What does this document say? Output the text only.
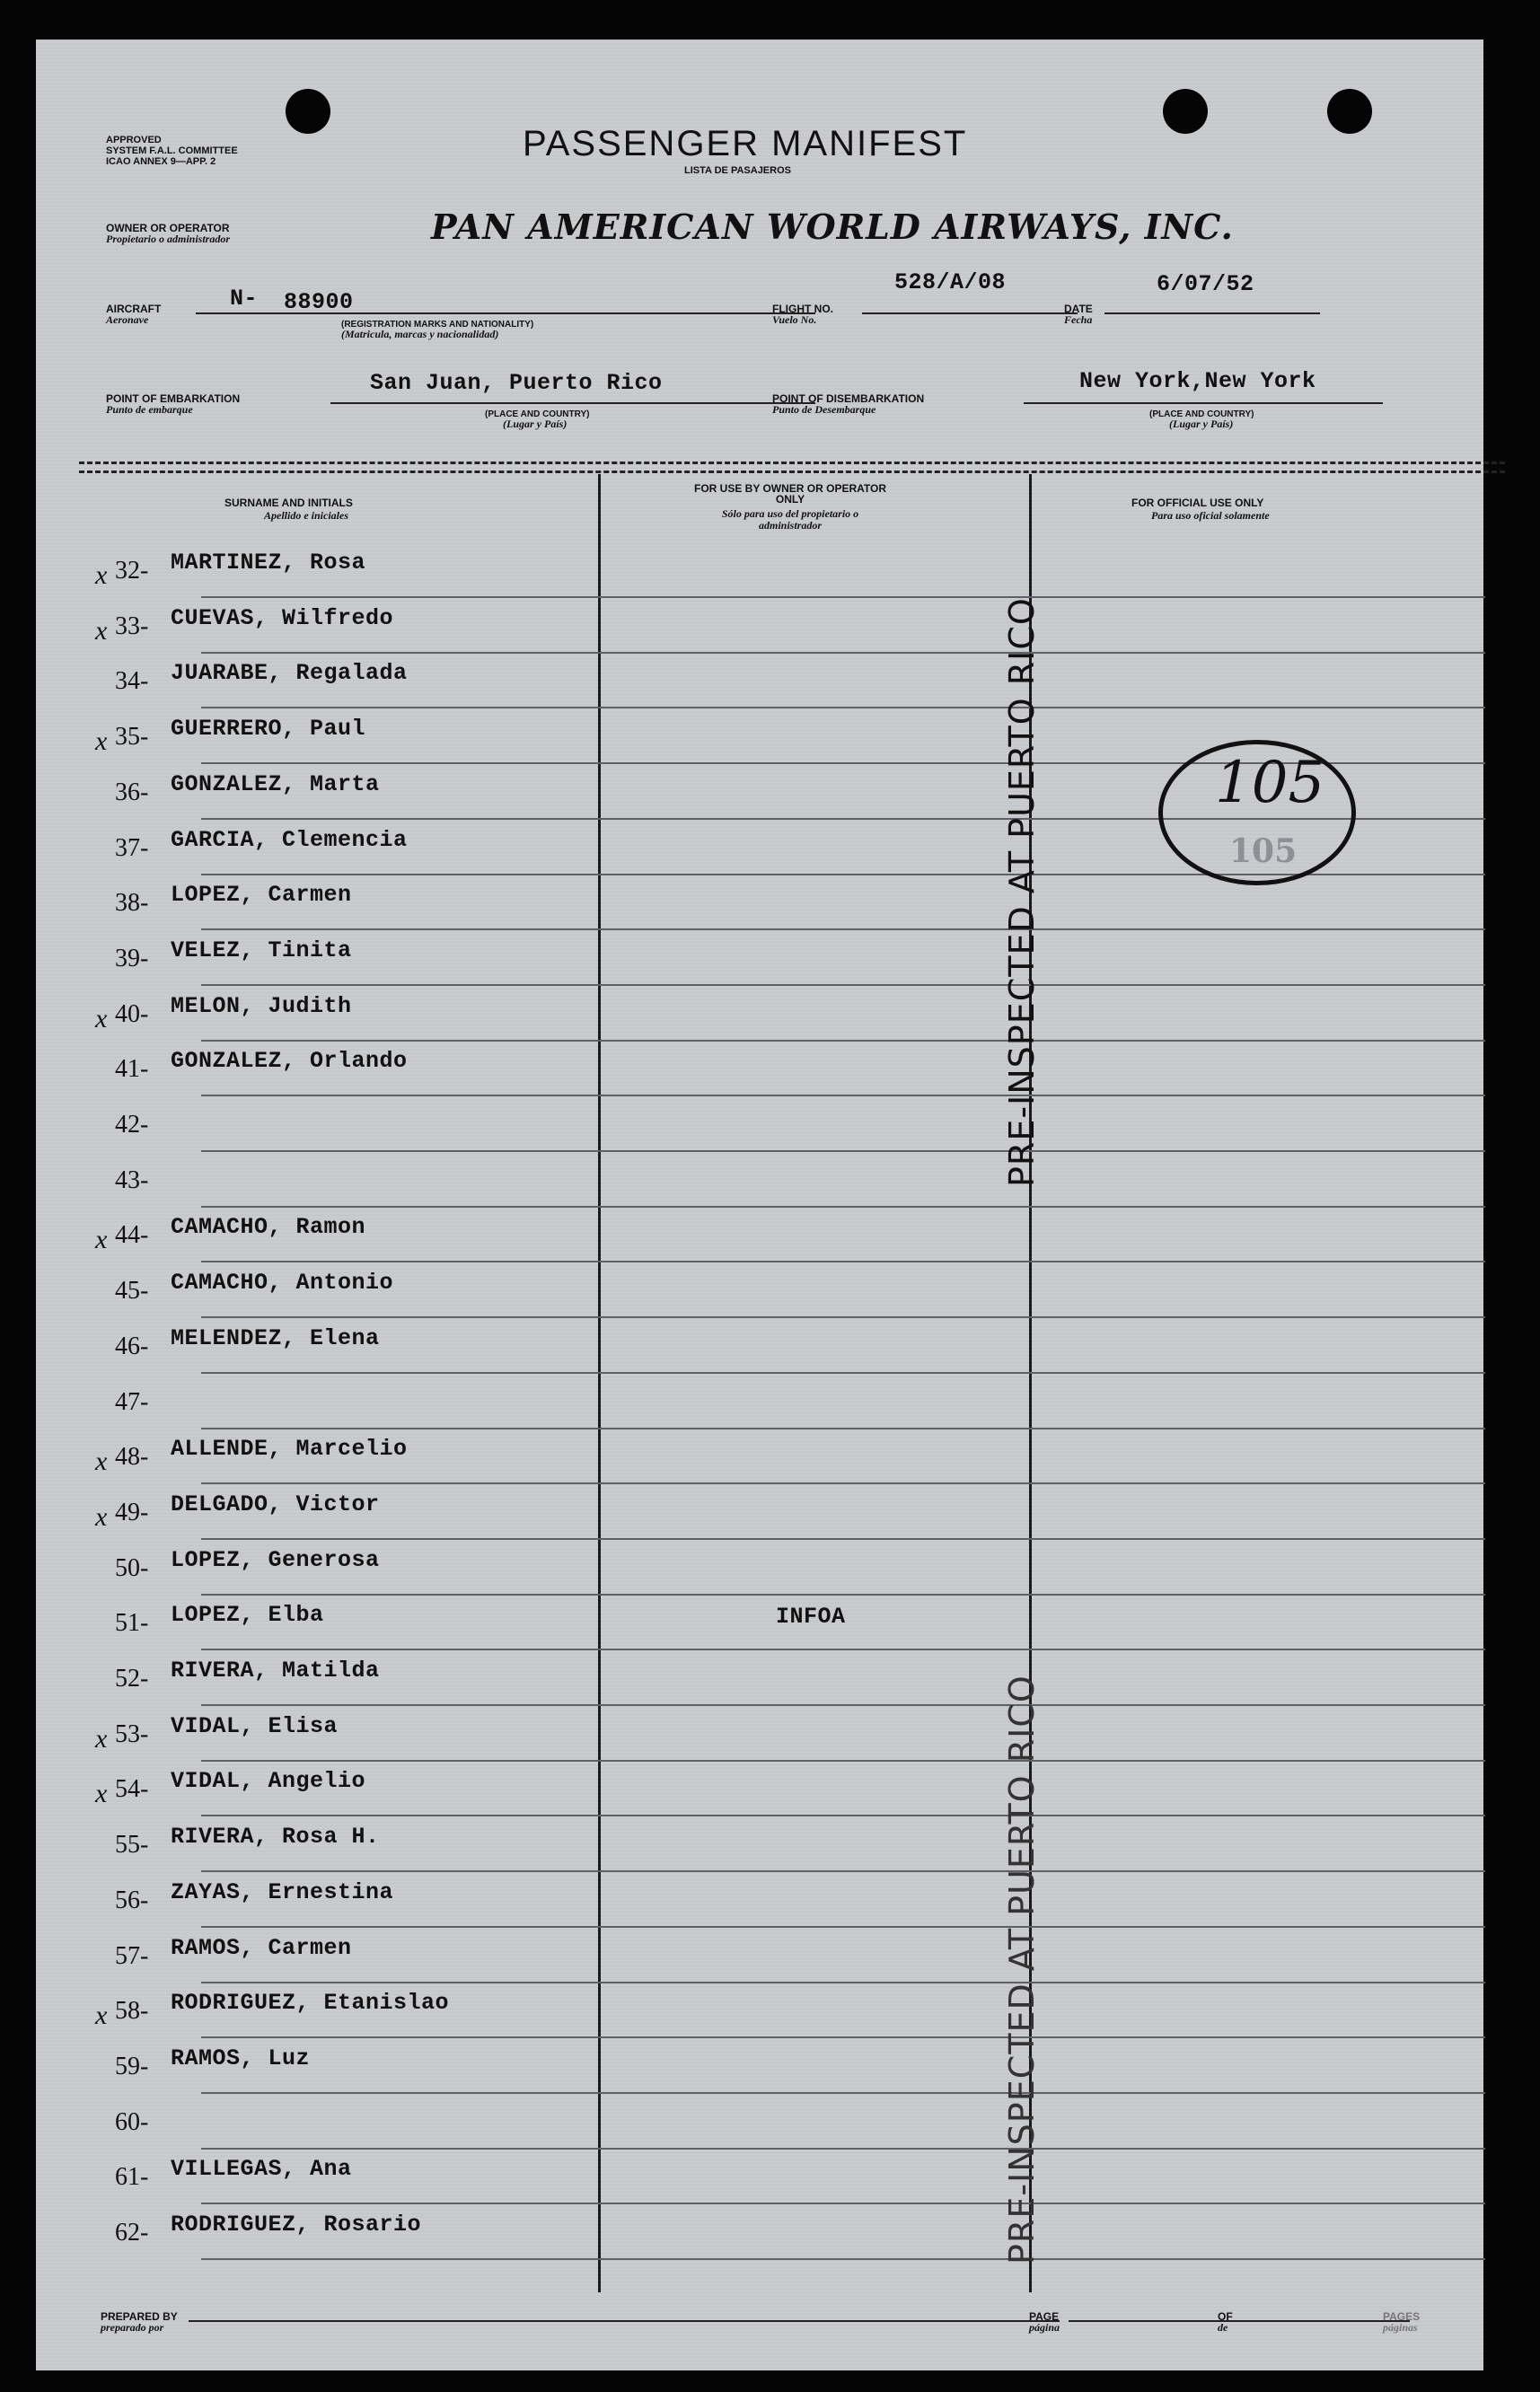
APPROVED
SYSTEM F.A.L. COMMITTEE
ICAO ANNEX 9—APP. 2	PASSENGER MANIFEST
LISTA DE PASAJEROS
OWNER OR OPERATOR
Propietario o administrador	PAN AMERICAN WORLD AIRWAYS, INC.
AIRCRAFT
Aeronave
N- 88900
(REGISTRATION MARKS AND NATIONALITY)
(Matricula, marcas y nacionalidad)
FLIGHT NO.
Vuelo No.
528/A/08
DATE
Fecha
6/07/52
POINT OF EMBARKATION
Punto de embarque
San Juan, Puerto Rico
(PLACE AND COUNTRY)
(Lugar y País)
POINT OF DISEMBARKATION
Punto de Desembarque
New York,New York
(PLACE AND COUNTRY)
(Lugar y País)
SURNAME AND INITIALS
Apellido e iniciales
FOR USE BY OWNER OR OPERATOR ONLY
Sólo para uso del propietario o administrador
FOR OFFICIAL USE ONLY
Para uso oficial solamente
x 32- MARTINEZ, Rosa
x 33- CUEVAS, Wilfredo
34- JUARABE, Regalada
x 35- GUERRERO, Paul
36- GONZALEZ, Marta
37- GARCIA, Clemencia
38- LOPEZ, Carmen
39- VELEZ, Tinita
x 40- MELON, Judith
41- GONZALEZ, Orlando
42-
43-
x 44- CAMACHO, Ramon
45- CAMACHO, Antonio
46- MELENDEZ, Elena
47-
x 48- ALLENDE, Marcelio
x 49- DELGADO, Victor
50- LOPEZ, Generosa
51- LOPEZ, Elba	INFOA
52- RIVERA, Matilda
x 53- VIDAL, Elisa
x 54- VIDAL, Angelio
55- RIVERA, Rosa H.
56- ZAYAS, Ernestina
57- RAMOS, Carmen
x 58- RODRIGUEZ, Etanislao
59- RAMOS, Luz
60-
61- VILLEGAS, Ana
62- RODRIGUEZ, Rosario
PRE-INSPECTED AT PUERTO RICO
PRE-INSPECTED AT PUERTO RICO
105
105
PREPARED BY
preparado por
PAGE
página
OF
de
PAGES
páginas
